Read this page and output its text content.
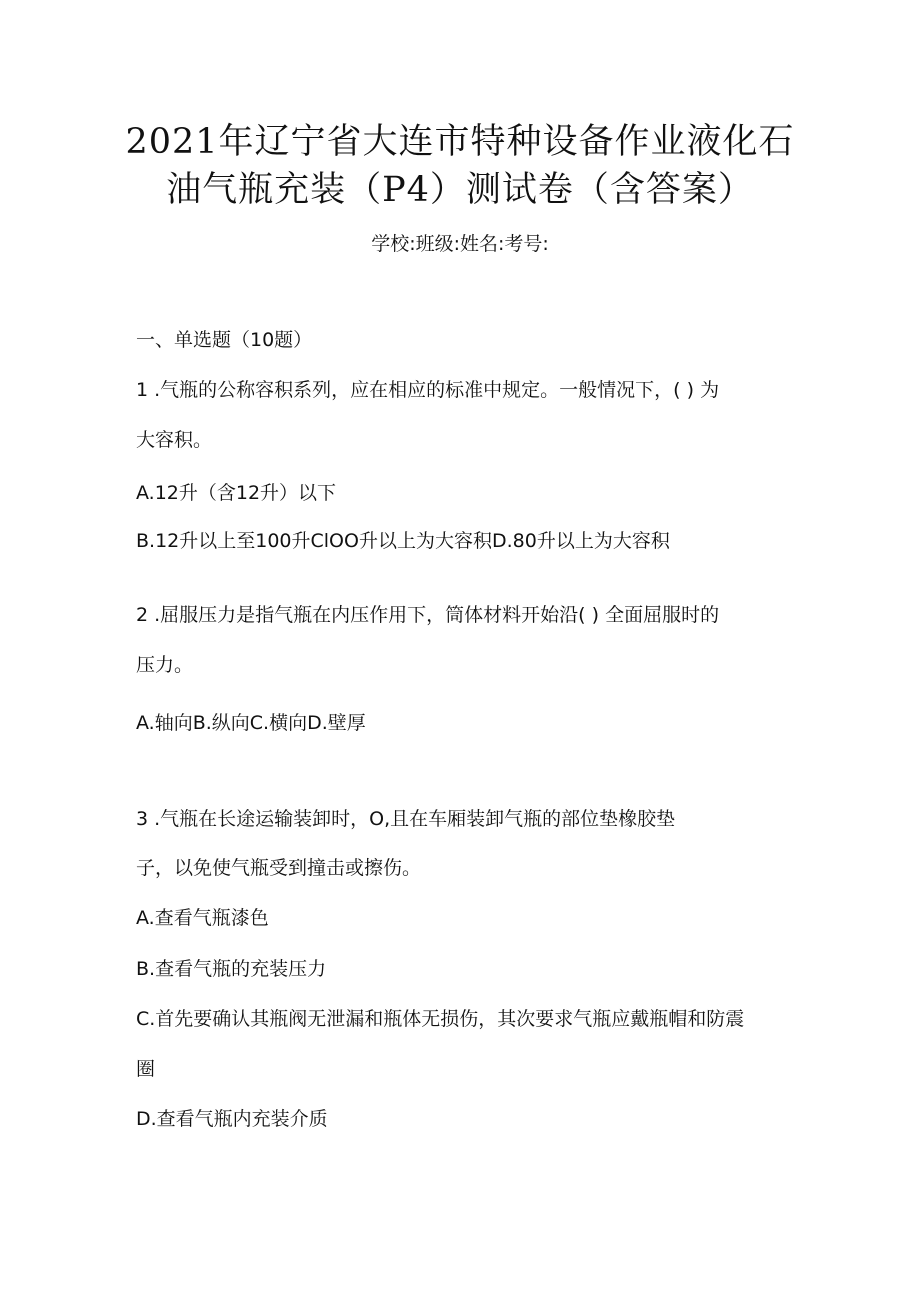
2021年辽宁省大连市特种设备作业液化石
油气瓶充装（P4）测试卷（含答案）
学校:班级:姓名:考号:
一、单选题（10题）
1 .气瓶的公称容积系列，应在相应的标准中规定。一般情况下，( ) 为
大容积。
A.12升（含12升）以下
B.12升以上至100升ClOO升以上为大容积D.80升以上为大容积
2 .屈服压力是指气瓶在内压作用下，筒体材料开始沿( ) 全面屈服时的
压力。
A.轴向B.纵向C.横向D.壁厚
3 .气瓶在长途运输装卸时，O,且在车厢装卸气瓶的部位垫橡胶垫
子，以免使气瓶受到撞击或擦伤。
A.查看气瓶漆色
B.查看气瓶的充装压力
C.首先要确认其瓶阀无泄漏和瓶体无损伤，其次要求气瓶应戴瓶帽和防震
圈
D.查看气瓶内充装介质
